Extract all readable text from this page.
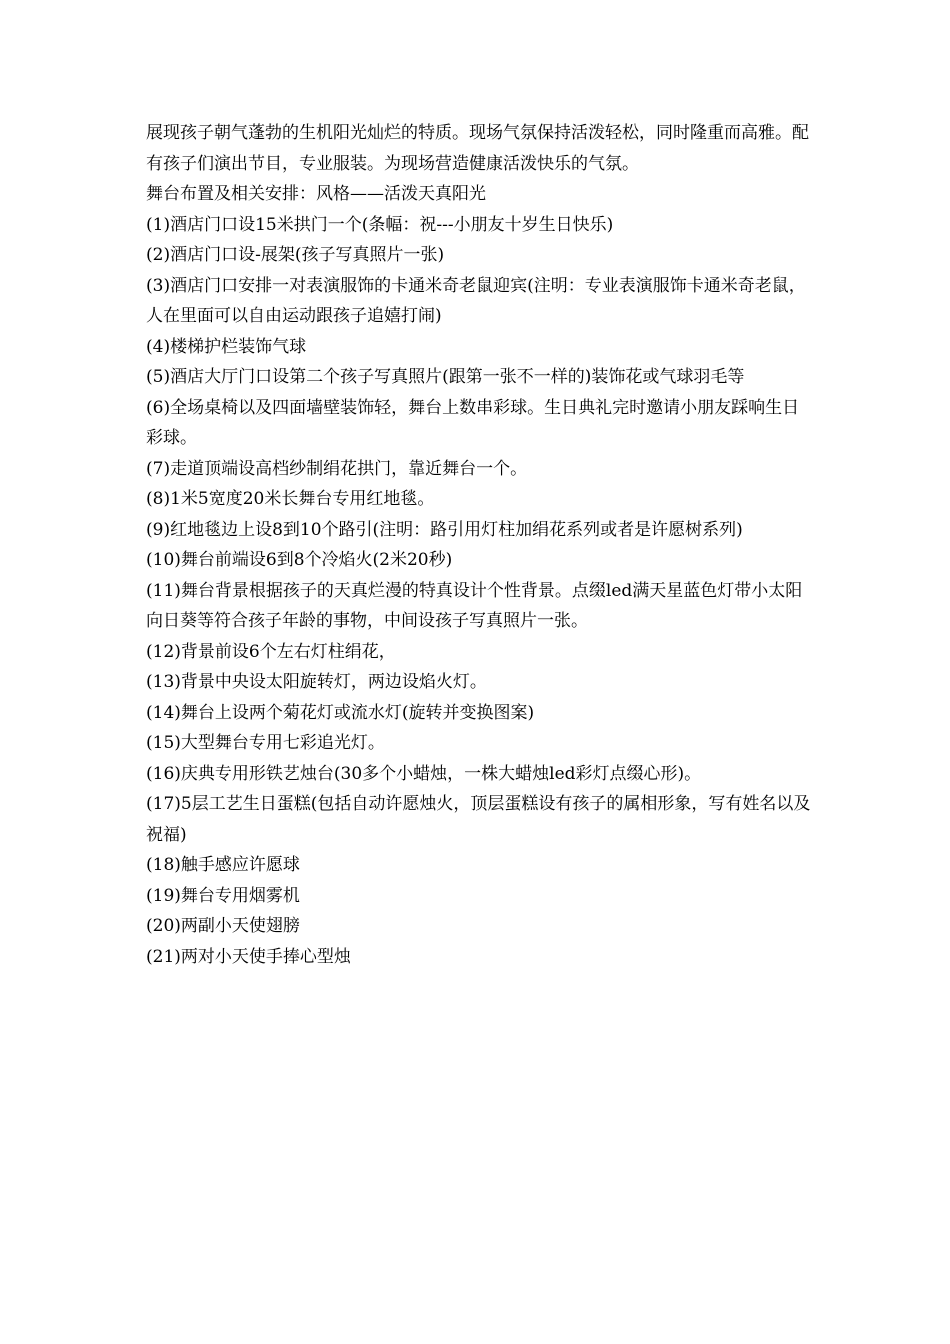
展现孩子朝气蓬勃的生机阳光灿烂的特质。现场气氛保持活泼轻松，同时隆重而高雅。配有孩子们演出节目，专业服装。为现场营造健康活泼快乐的气氛。

舞台布置及相关安排：风格——活泼天真阳光

(1)酒店门口设15米拱门一个(条幅：祝---小朋友十岁生日快乐)

(2)酒店门口设-展架(孩子写真照片一张)

(3)酒店门口安排一对表演服饰的卡通米奇老鼠迎宾(注明：专业表演服饰卡通米奇老鼠，人在里面可以自由运动跟孩子追嬉打闹)

(4)楼梯护栏装饰气球

(5)酒店大厅门口设第二个孩子写真照片(跟第一张不一样的)装饰花或气球羽毛等

(6)全场桌椅以及四面墙壁装饰轻，舞台上数串彩球。生日典礼完时邀请小朋友踩响生日彩球。

(7)走道顶端设高档纱制绢花拱门，靠近舞台一个。

(8)1米5宽度20米长舞台专用红地毯。

(9)红地毯边上设8到10个路引(注明：路引用灯柱加绢花系列或者是许愿树系列)

(10)舞台前端设6到8个冷焰火(2米20秒)

(11)舞台背景根据孩子的天真烂漫的特真设计个性背景。点缀led满天星蓝色灯带小太阳向日葵等符合孩子年龄的事物，中间设孩子写真照片一张。

(12)背景前设6个左右灯柱绢花，

(13)背景中央设太阳旋转灯，两边设焰火灯。

(14)舞台上设两个菊花灯或流水灯(旋转并变换图案)

(15)大型舞台专用七彩追光灯。

(16)庆典专用形铁艺烛台(30多个小蜡烛，一株大蜡烛led彩灯点缀心形)。

(17)5层工艺生日蛋糕(包括自动许愿烛火，顶层蛋糕设有孩子的属相形象，写有姓名以及祝福)

(18)触手感应许愿球

(19)舞台专用烟雾机

(20)两副小天使翅膀

(21)两对小天使手捧心型烛
